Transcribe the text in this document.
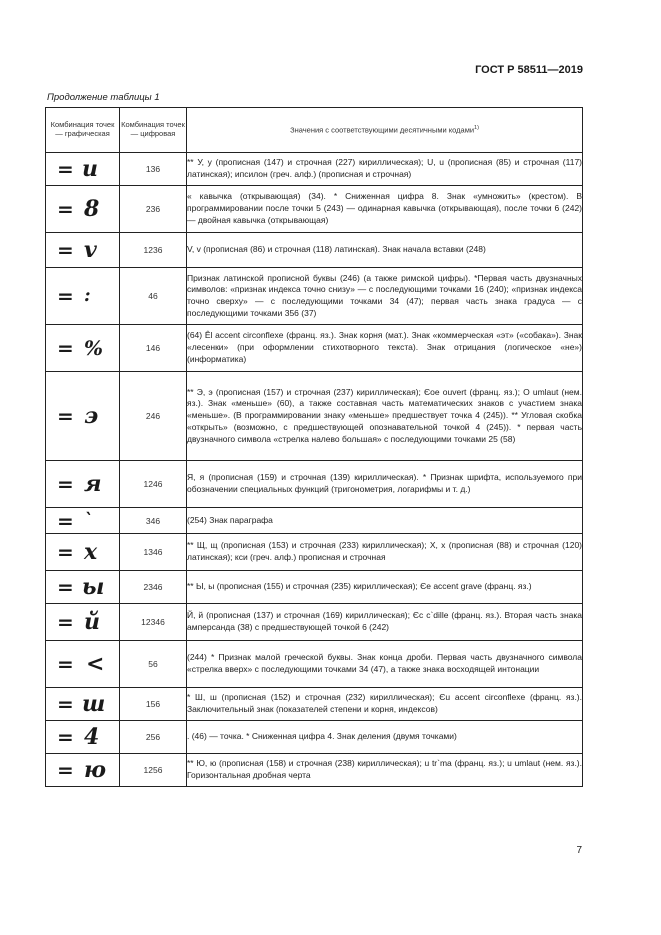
ГОСТ Р 58511—2019
Продолжение таблицы 1
Комбинация точек — графическая	Комбинация точек — цифровая	Значения с соответствующими десятичными кодами$^{1)}$

= u	136	** У, у (прописная (147) и строчная (227) кириллическая); U, u (прописная (85) и строчная (117) латинская); ипсилон (греч. алф.) (прописная и строчная)

= 8	236	« кавычка (открывающая) (34). * Сниженная цифра 8. Знак «умножить» (крестом). В программировании после точки 5 (243) — одинарная кавычка (открывающая), после точки 6 (242) — двойная кавычка (открывающая)

= v	1236	V, v (прописная (86) и строчная (118) латинская). Знак начала вставки (248)

= :	46	Признак латинской прописной буквы (246) (а также римской цифры). *Первая часть двузначных символов: «признак индекса точно снизу» — с последующими точками 16 (240); «признак индекса точно сверху» — с последующими точками 34 (47); первая часть знака градуса — с последующими точками 356 (37)

= %	146	(64) Êl accent circonflexe (франц. яз.). Знак корня (мат.). Знак «коммерческая «эт» («собака»). Знак «лесенки» (при оформлении стихотворного текста). Знак отрицания (логическое «не») (информатика)

= э	246	** Э, э (прописная (157) и строчная (237) кириллическая); Єое ouvert (франц. яз.); О umlaut (нем. яз.). Знак «меньше» (60), а также составная часть математических знаков с участием знака «меньше». (В программировании знаку «меньше» предшествует точка 4 (245)). ** Угловая скобка «открыть» (возможно, с предшествующей опознавательной точкой 4 (245)). * первая часть двузначного символа «стрелка налево большая» с последующими точками 25 (58)

= я	1246	Я, я (прописная (159) и строчная (139) кириллическая). * Признак шрифта, используемого при обозначении специальных функций (тригонометрия, логарифмы и т. д.)

= `	346	(254) Знак параграфа

= x	1346	** Щ, щ (прописная (153) и строчная (233) кириллическая); X, x (прописная (88) и строчная (120) латинская); кси (греч. алф.) прописная и строчная

= ы	2346	** Ы, ы (прописная (155) и строчная (235) кириллическая); Єe accent grave (франц. яз.)

= й	12346	Й, й (прописная (137) и строчная (169) кириллическая); Єc c`dille (франц. яз.). Вторая часть знака амперсанда (38) с предшествующей точкой 6 (242)

= <	56	(244) * Признак малой греческой буквы. Знак конца дроби. Первая часть двузначного символа «стрелка вверх» с последующими точками 34 (47), а также знака восходящей интонации

= ш	156	* Ш, ш (прописная (152) и строчная (232) кириллическая); Єu accent circonflexe (франц. яз.). Заключительный знак (показателей степени и корня, индексов)

= 4	256	. (46) — точка. * Сниженная цифра 4. Знак деления (двумя точками)

= ю	1256	** Ю, ю (прописная (158) и строчная (238) кириллическая); u tr`ma (франц. яз.); u umlaut (нем. яз.). Горизонтальная дробная черта
7
